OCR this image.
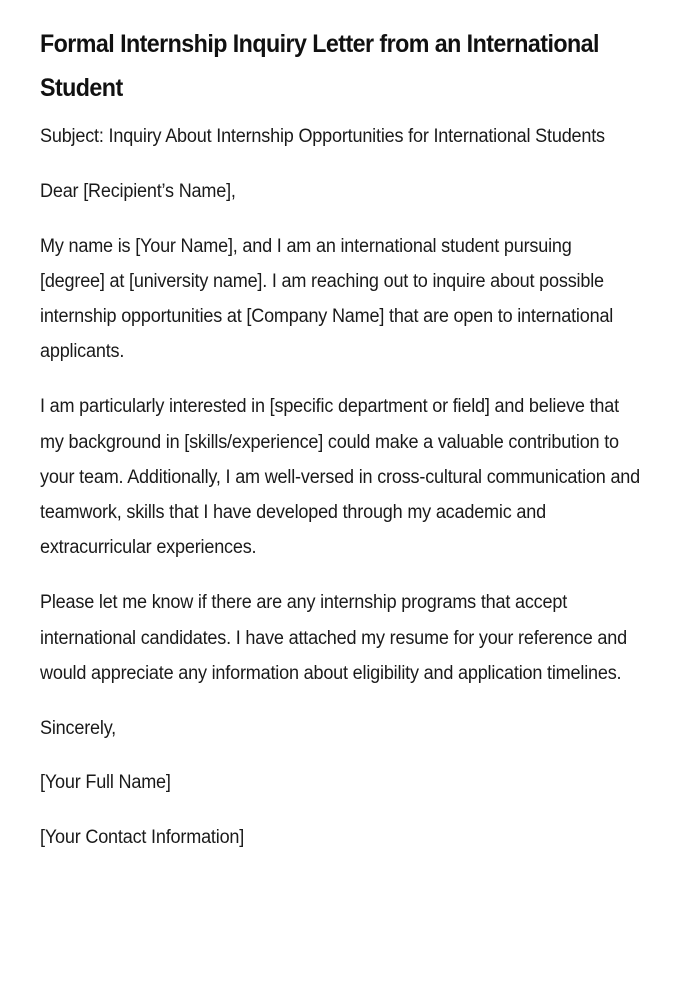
Formal Internship Inquiry Letter from an International Student

Subject: Inquiry About Internship Opportunities for International Students

Dear [Recipient’s Name],

My name is [Your Name], and I am an international student pursuing [degree] at [university name]. I am reaching out to inquire about possible internship opportunities at [Company Name] that are open to international applicants.

I am particularly interested in [specific department or field] and believe that my background in [skills/experience] could make a valuable contribution to your team. Additionally, I am well-versed in cross-cultural communication and teamwork, skills that I have developed through my academic and extracurricular experiences.

Please let me know if there are any internship programs that accept international candidates. I have attached my resume for your reference and would appreciate any information about eligibility and application timelines.

Sincerely,

[Your Full Name]

[Your Contact Information]
